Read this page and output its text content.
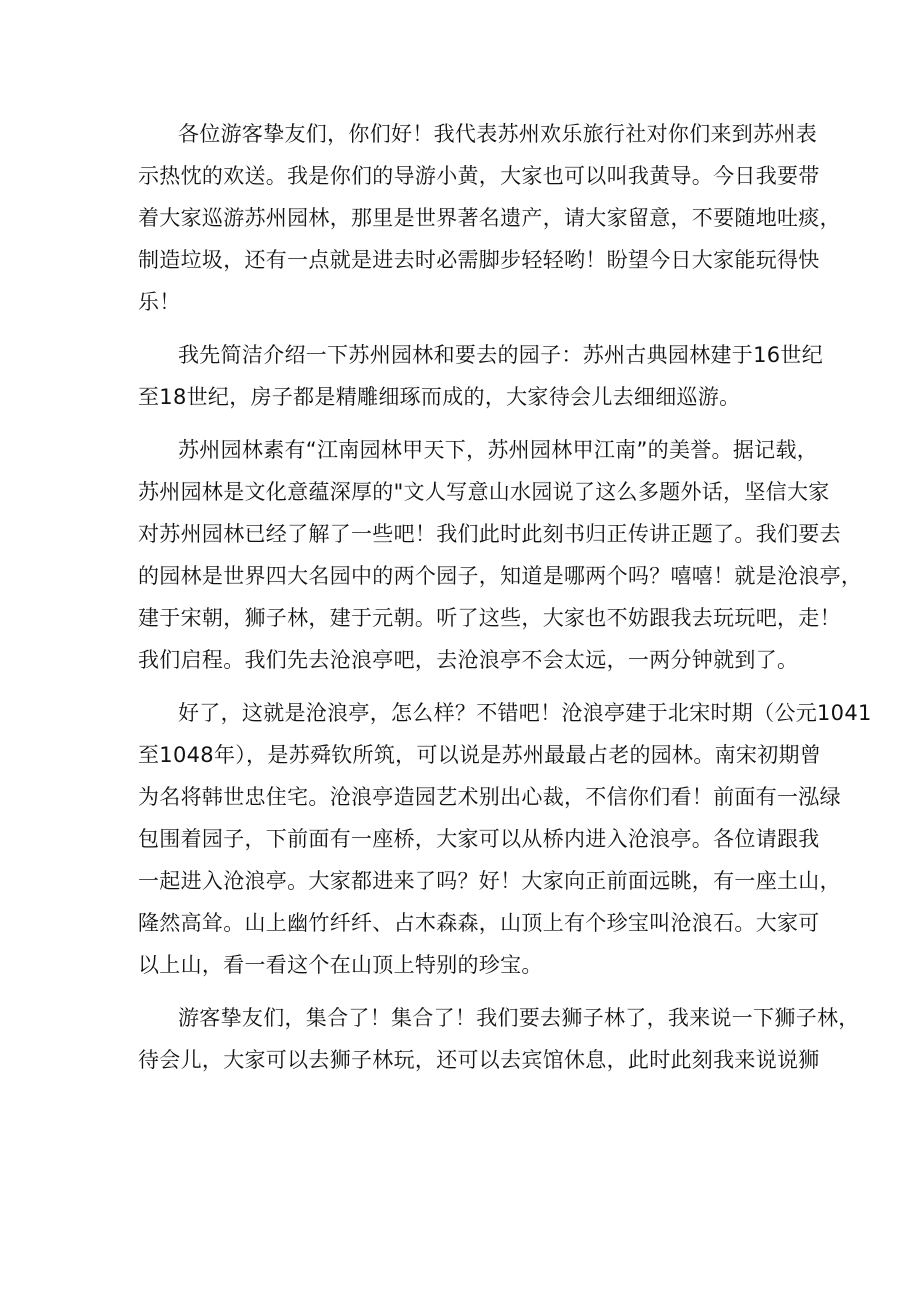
各位游客挚友们，你们好！我代表苏州欢乐旅行社对你们来到苏州表
示热忱的欢送。我是你们的导游小黄，大家也可以叫我黄导。今日我要带
着大家巡游苏州园林，那里是世界著名遗产，请大家留意，不要随地吐痰，
制造垃圾，还有一点就是进去时必需脚步轻轻哟！盼望今日大家能玩得快
乐！
我先简洁介绍一下苏州园林和要去的园子：苏州古典园林建于16世纪
至18世纪，房子都是精雕细琢而成的，大家待会儿去细细巡游。
苏州园林素有“江南园林甲天下，苏州园林甲江南”的美誉。据记载，
苏州园林是文化意蕴深厚的"文人写意山水园说了这么多题外话，坚信大家
对苏州园林已经了解了一些吧！我们此时此刻书归正传讲正题了。我们要去
的园林是世界四大名园中的两个园子，知道是哪两个吗？嘻嘻！就是沧浪亭，
建于宋朝，狮子林，建于元朝。听了这些，大家也不妨跟我去玩玩吧，走！
我们启程。我们先去沧浪亭吧，去沧浪亭不会太远，一两分钟就到了。
好了，这就是沧浪亭，怎么样？不错吧！沧浪亭建于北宋时期（公元1041
至1048年），是苏舜钦所筑，可以说是苏州最最占老的园林。南宋初期曾
为名将韩世忠住宅。沧浪亭造园艺术别出心裁，不信你们看！前面有一泓绿
包围着园子，下前面有一座桥，大家可以从桥内进入沧浪亭。各位请跟我
一起进入沧浪亭。大家都进来了吗？好！大家向正前面远眺，有一座土山，
隆然高耸。山上幽竹纤纤、占木森森，山顶上有个珍宝叫沧浪石。大家可
以上山，看一看这个在山顶上特别的珍宝。
游客挚友们，集合了！集合了！我们要去狮子林了，我来说一下狮子林，
待会儿，大家可以去狮子林玩，还可以去宾馆休息，此时此刻我来说说狮
